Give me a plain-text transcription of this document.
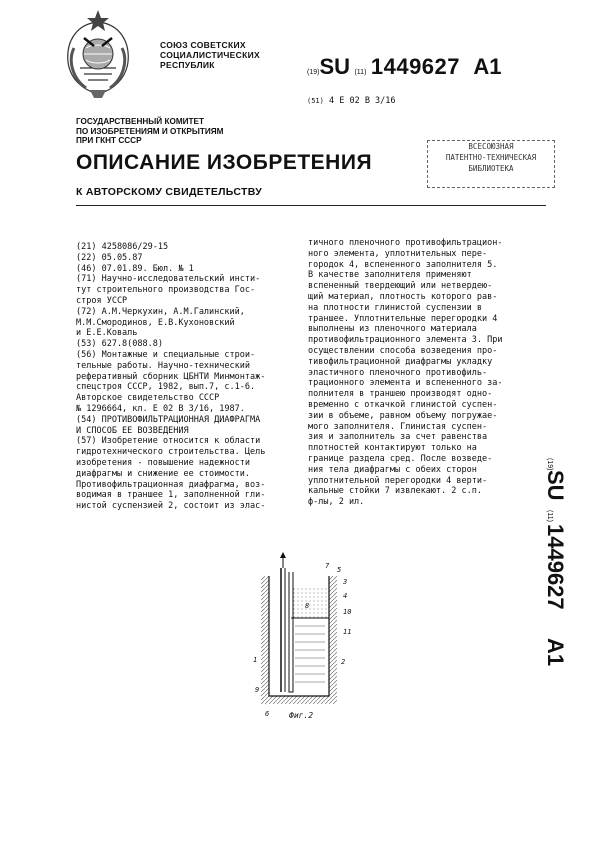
СОЮЗ СОВЕТСКИХ
СОЦИАЛИСТИЧЕСКИХ
РЕСПУБЛИК
(19)SU (11) 1449627 A1
(51) 4 E 02 В 3/16
ГОСУДАРСТВЕННЫЙ КОМИТЕТ
ПО ИЗОБРЕТЕНИЯМ И ОТКРЫТИЯМ
ПРИ ГКНТ СССР
ВСЕСОЮЗНАЯ
ПАТЕНТНО-ТЕХНИЧЕСКАЯ
БИБЛИОТЕКА
ОПИСАНИЕ ИЗОБРЕТЕНИЯ
К АВТОРСКОМУ СВИДЕТЕЛЬСТВУ
(21) 4258086/29-15
(22) 05.05.87
(46) 07.01.89. Бюл. № 1
(71) Научно-исследовательский инсти-
тут строительного производства Гос-
строя УССР
(72) А.М.Черкухин, А.М.Галинский,
М.М.Смородинов, Е.В.Кухоновский
и Е.Е.Коваль
(53) 627.8(088.8)
(56) Монтажные и специальные строи-
тельные работы. Научно-технический
реферативный сборник ЦБНТИ Минмонтаж-
спецстроя СССР, 1982, вып.7, с.1-6.
Авторское свидетельство СССР
№ 1296664, кл. Е 02 В 3/16, 1987.
(54) ПРОТИВОФИЛЬТРАЦИОННАЯ ДИАФРАГМА
И СПОСОБ ЕЕ ВОЗВЕДЕНИЯ
(57) Изобретение относится к области
гидротехнического строительства. Цель
изобретения - повышение надежности
диафрагмы и снижение ее стоимости.
Противофильтрационная диафрагма, воз-
водимая в траншее 1, заполненной гли-
нистой суспензией 2, состоит из элас-
тичного пленочного противофильтрацион-
ного элемента, уплотнительных пере-
городок 4, вспененного заполнителя 5.
В качестве заполнителя применяют
вспененный твердеющий или нетвердею-
щий материал, плотность которого рав-
на плотности глинистой суспензии в
траншее. Уплотнительные перегородки 4
выполнены из пленочного материала
противофильтрационного элемента 3. При
осуществлении способа возведения про-
тивофильтрационной диафрагмы укладку
эластичного пленочного противофиль-
трационного элемента и вспененного за-
полнителя в траншею производят одно-
временно с откачкой глинистой суспен-
зии в объеме, равном объему погружае-
мого заполнителя. Глинистая суспен-
зия и заполнитель за счет равенства
плотностей контактируют только на
границе раздела сред. После возведе-
ния тела диафрагмы с обеих сторон
уплотнительной перегородки 4 верти-
кальные стойки 7 извлекают. 2 с.п.
ф-лы, 2 ил.
(19)
SU
(11)
1449627
A1
7 5
3
4
8
10
11
1	2
9
6 Фиг.2
